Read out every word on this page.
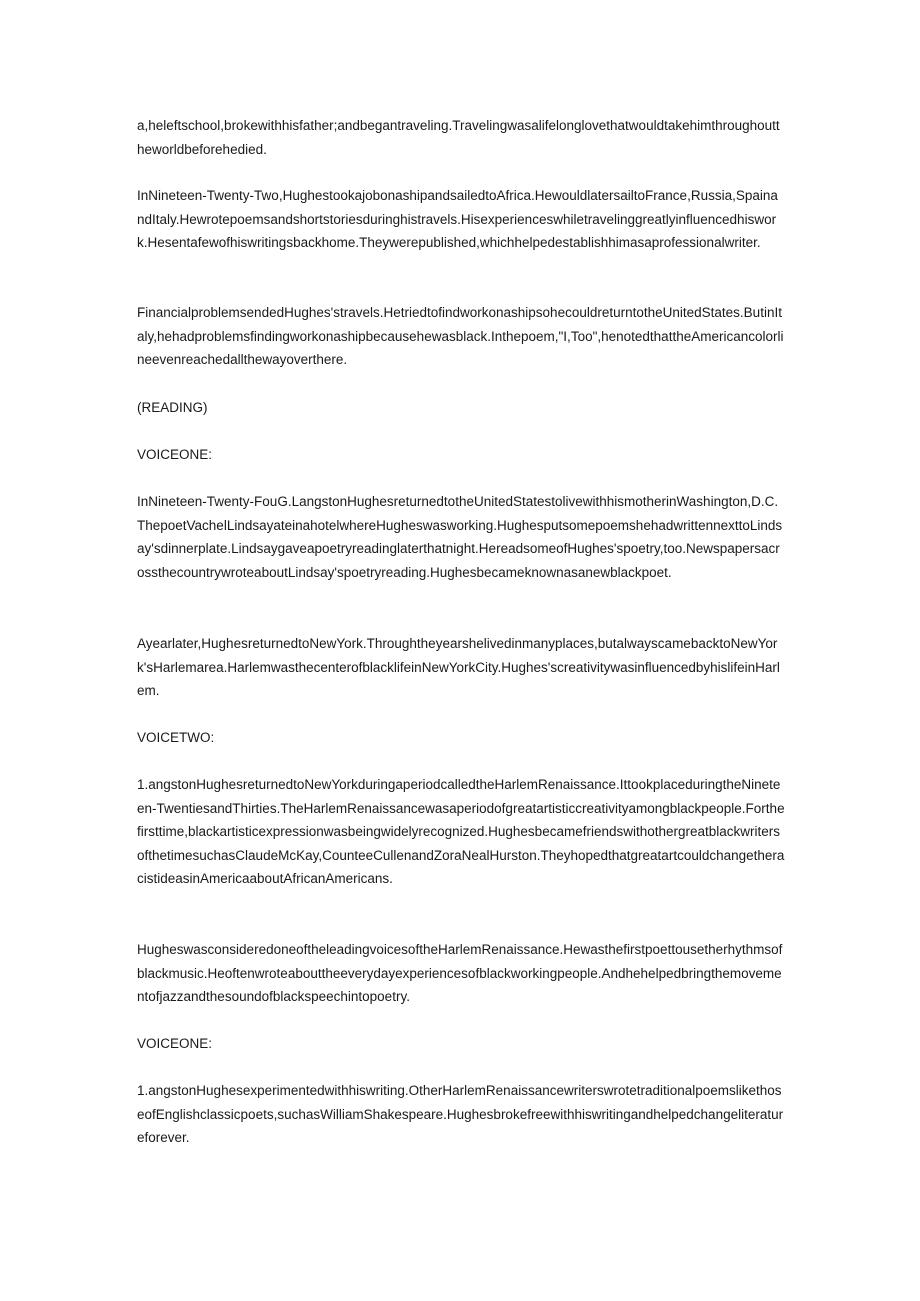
a,heleftschool,brokewithhisfather;andbegantraveling.Travelingwasalifelonglovethatwouldtakehimthroughouttheworldbeforehedied.

InNineteen-Twenty-Two,HughestookajobonashipandsailedtoAfrica.HewouldlatersailtoFrance,Russia,SpainandItaly.Hewrotepoemsandshortstoriesduringhistravels.Hisexperienceswhiletravelinggreatlyinfluencedhiswork.Hesentafewofhiswritingsbackhome.Theywerepublished,whichhelpedestablishhimasaprofessionalwriter.

FinancialproblemsendedHughes'stravels.HetriedtofindworkonashipsohecouldreturntotheUnitedStates.ButinItaly,hehadproblemsfindingworkonashipbecausehewasblack.Inthepoem,"I,Too",henotedthattheAmericancolorlineevenreachedallthewayoverthere.

(READING)

VOICEONE:

InNineteen-Twenty-FouG.LangstonHughesreturnedtotheUnitedStatestolivewithhismotherinWashington,D.C.ThepoetVachelLindsayateinahotelwhereHugheswasworking.HughesputsomepoemshehadwrittennexttoLindsay'sdinnerplate.Lindsaygaveapoetryreadinglaterthatnight.HereadsomeofHughes'spoetry,too.NewspapersacrossthecountrywroteaboutLindsay'spoetryreading.Hughesbecameknownasanewblackpoet.

Ayearlater,HughesreturnedtoNewYork.Throughtheyearshelivedinmanyplaces,butalwayscamebacktoNewYork'sHarlemarea.HarlemwasthecenterofblacklifeinNewYorkCity.Hughes'screativitywasinfluencedbyhislifeinHarlem.

VOICETWO:

1.angstonHughesreturnedtoNewYorkduringaperiodcalledtheHarlemRenaissance.IttookplaceduringtheNineteen-TwentiesandThirties.TheHarlemRenaissancewasaperiodofgreatartisticcreativityamongblackpeople.Forthefirsttime,blackartisticexpressionwasbeingwidelyrecognized.HughesbecamefriendswithothergreatblackwritersofthetimesuchasClaudeMcKay,CounteeCullenandZoraNealHurston.TheyhopedthatgreatartcouldchangetheracistideasinAmericaaboutAfricanAmericans.

HugheswasconsideredoneoftheleadingvoicesoftheHarlemRenaissance.Hewasthefirstpoettousetherhythmsofblackmusic.Heoftenwroteabouttheeverydayexperiencesofblackworkingpeople.Andhehelpedbringthemovementofjazzandthesoundofblackspeechintopoetry.

VOICEONE:

1.angstonHughesexperimentedwithhiswriting.OtherHarlemRenaissancewriterswrotetraditionalpoemslikethoseofEnglishclassicpoets,suchasWilliamShakespeare.Hughesbrokefreewithhiswritingandhelpedchangeliteratureforever.
